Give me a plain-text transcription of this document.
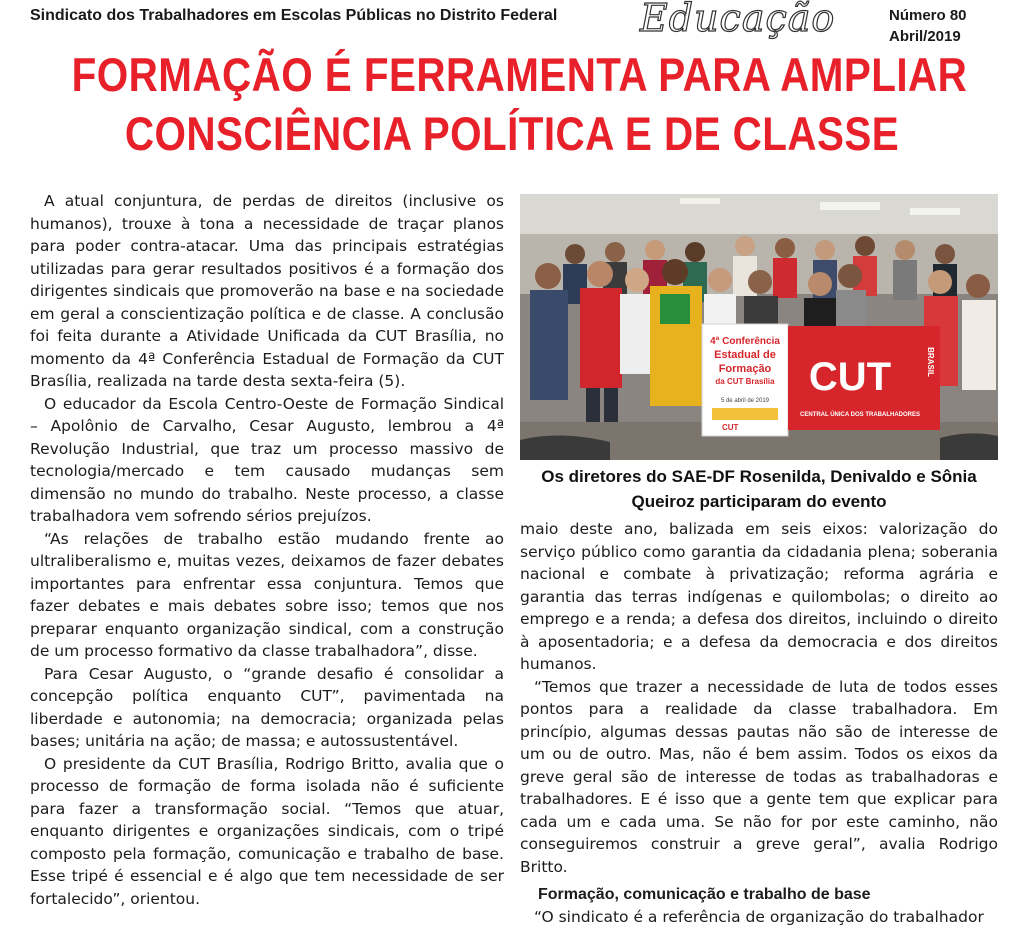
Sindicato dos Trabalhadores em Escolas Públicas no Distrito Federal Educação	Número 80
Abril/2019
FORMAÇÃO É FERRAMENTA PARA AMPLIAR
CONSCIÊNCIA POLÍTICA E DE CLASSE

A atual conjuntura, de perdas de direitos (inclusive os humanos), trouxe à tona a necessidade de traçar planos para poder contra-atacar. Uma das principais estratégias utilizadas para gerar resultados positivos é a formação dos dirigentes sindicais que promoverão na base e na sociedade em geral a conscientização política e de classe. A conclusão foi feita durante a Atividade Unificada da CUT Brasília, no momento da 4ª Conferência Estadual de Formação da CUT Brasília, realizada na tarde desta sexta-feira (5).

O educador da Escola Centro-Oeste de Formação Sindical – Apolônio de Carvalho, Cesar Augusto, lembrou a 4ª Revolução Industrial, que traz um processo massivo de tecnologia/mercado e tem causado mudanças sem dimensão no mundo do trabalho. Neste processo, a classe trabalhadora vem sofrendo sérios prejuízos.

“As relações de trabalho estão mudando frente ao ultraliberalismo e, muitas vezes, deixamos de fazer debates importantes para enfrentar essa conjuntura. Temos que fazer debates e mais debates sobre isso; temos que nos preparar enquanto organização sindical, com a construção de um processo formativo da classe trabalhadora”, disse.

Para Cesar Augusto, o “grande desafio é consolidar a concepção política enquanto CUT”, pavimentada na liberdade e autonomia; na democracia; organizada pelas bases; unitária na ação; de massa; e autossustentável.

O presidente da CUT Brasília, Rodrigo Britto, avalia que o processo de formação de forma isolada não é suficiente para fazer a transformação social. “Temos que atuar, enquanto dirigentes e organizações sindicais, com o tripé composto pela formação, comunicação e trabalho de base. Esse tripé é essencial e é algo que tem necessidade de ser fortalecido”, orientou.

4ª Conferência
Estadual de
Formação
da CUT Brasília
5 de abril de 2019
CUT
CUT	BRASIL
CENTRAL ÚNICA DOS TRABALHADORES
Os diretores do SAE-DF Rosenilda, Denivaldo e Sônia Queiroz participaram do evento

maio deste ano, balizada em seis eixos: valorização do serviço público como garantia da cidadania plena; soberania nacional e combate à privatização; reforma agrária e garantia das terras indígenas e quilombolas; o direito ao emprego e a renda; a defesa dos direitos, incluindo o direito à aposentadoria; e a defesa da democracia e dos direitos humanos.

“Temos que trazer a necessidade de luta de todos esses pontos para a realidade da classe trabalhadora. Em princípio, algumas dessas pautas não são de interesse de um ou de outro. Mas, não é bem assim. Todos os eixos da greve geral são de interesse de todas as trabalhadoras e trabalhadores. E é isso que a gente tem que explicar para cada um e cada uma. Se não for por este caminho, não conseguiremos construir a greve geral”, avalia Rodrigo Britto.

Formação, comunicação e trabalho de base

“O sindicato é a referência de organização do trabalhador
